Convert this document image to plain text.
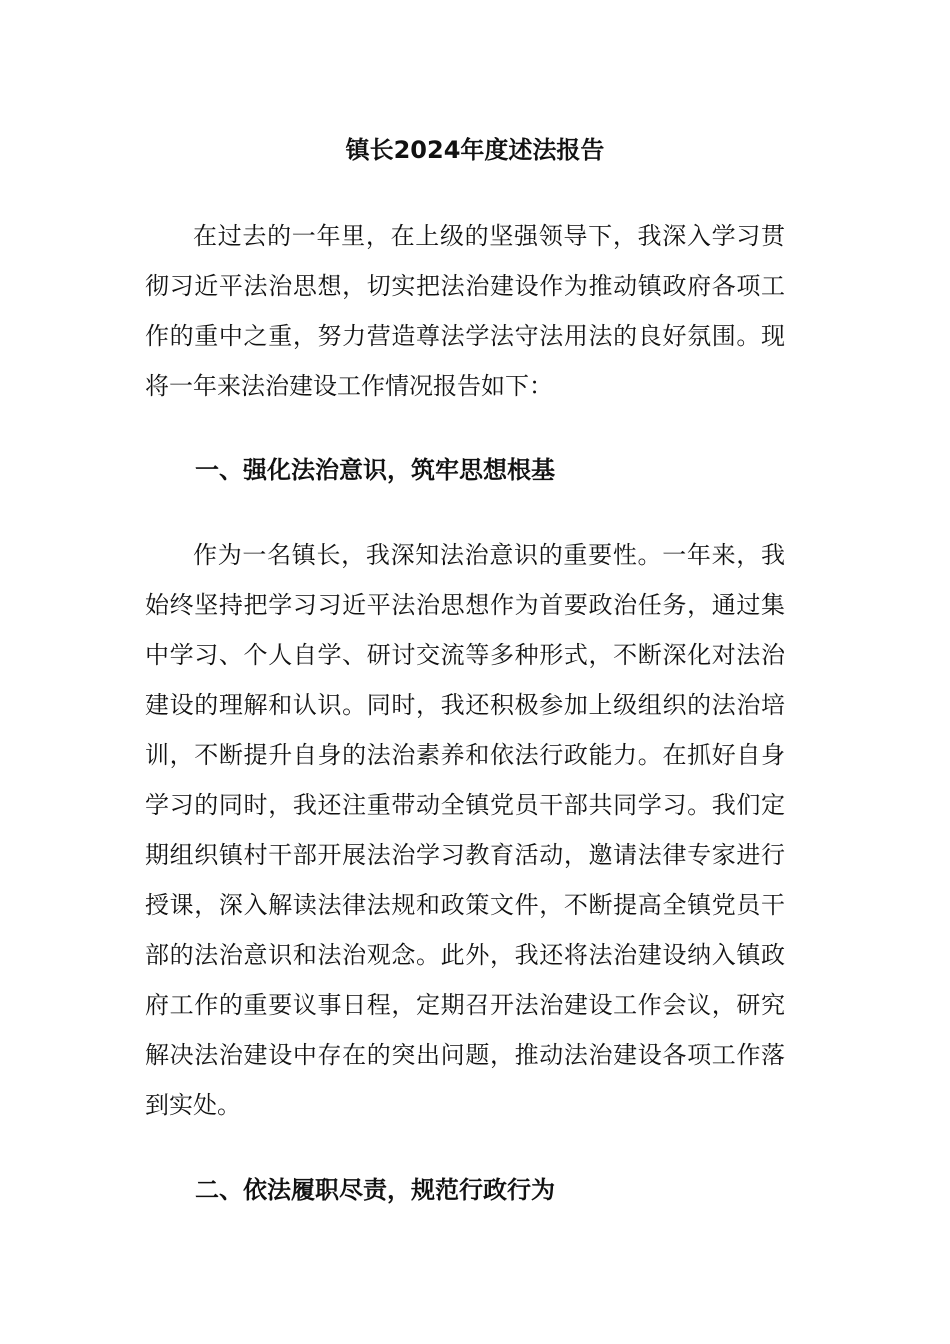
镇长2024年度述法报告

在过去的一年里，在上级的坚强领导下，我深入学习贯彻习近平法治思想，切实把法治建设作为推动镇政府各项工作的重中之重，努力营造尊法学法守法用法的良好氛围。现将一年来法治建设工作情况报告如下：

一、强化法治意识，筑牢思想根基

作为一名镇长，我深知法治意识的重要性。一年来，我始终坚持把学习习近平法治思想作为首要政治任务，通过集中学习、个人自学、研讨交流等多种形式，不断深化对法治建设的理解和认识。同时，我还积极参加上级组织的法治培训，不断提升自身的法治素养和依法行政能力。在抓好自身学习的同时，我还注重带动全镇党员干部共同学习。我们定期组织镇村干部开展法治学习教育活动，邀请法律专家进行授课，深入解读法律法规和政策文件，不断提高全镇党员干部的法治意识和法治观念。此外，我还将法治建设纳入镇政府工作的重要议事日程，定期召开法治建设工作会议，研究解决法治建设中存在的突出问题，推动法治建设各项工作落到实处。

二、依法履职尽责，规范行政行为
